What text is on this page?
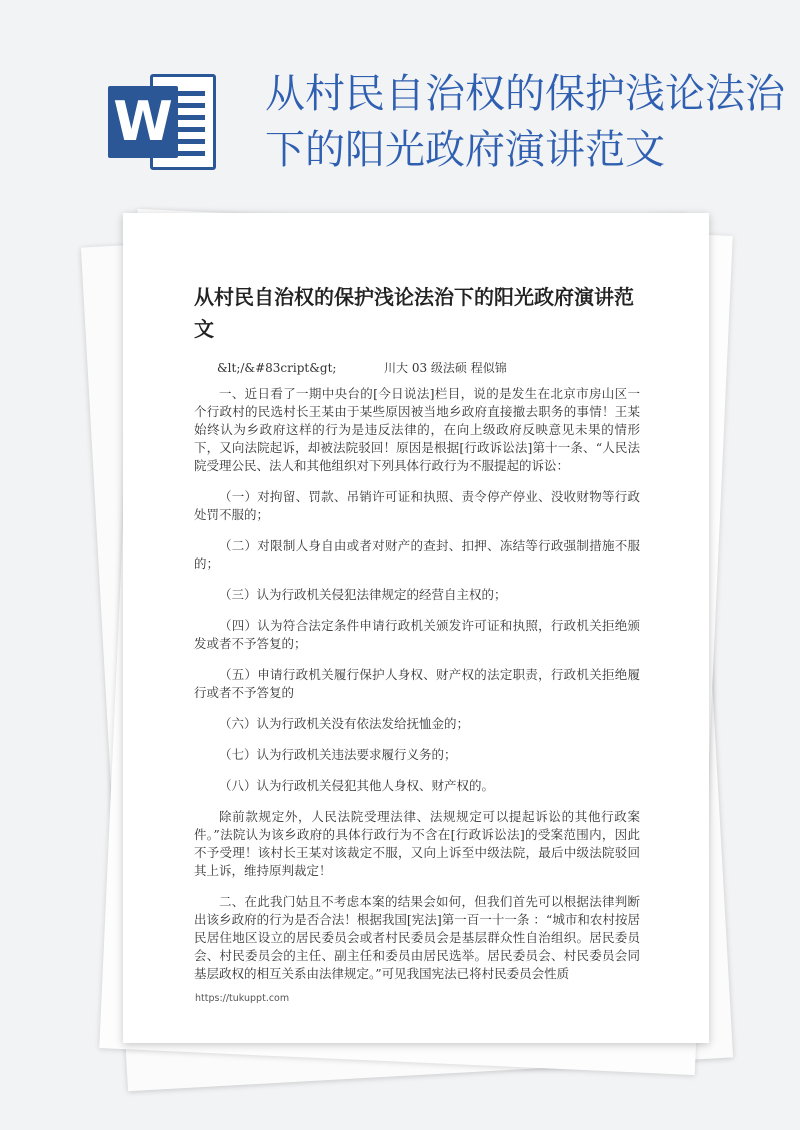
W 从村民自治权的保护浅论法治
下的阳光政府演讲范文
从村民自治权的保护浅论法治下的阳光政府演讲范文
&lt;/&#83cript&gt;	川大 03 级法硕 程似锦

一、近日看了一期中央台的[今日说法]栏目，说的是发生在北京市房山区一个行政村的民选村长王某由于某些原因被当地乡政府直接撤去职务的事情！王某始终认为乡政府这样的行为是违反法律的，在向上级政府反映意见未果的情形下，又向法院起诉，却被法院驳回！原因是根据[行政诉讼法]第十一条、“人民法院受理公民、法人和其他组织对下列具体行政行为不服提起的诉讼：

（一）对拘留、罚款、吊销许可证和执照、责令停产停业、没收财物等行政处罚不服的；

（二）对限制人身自由或者对财产的查封、扣押、冻结等行政强制措施不服的；

（三）认为行政机关侵犯法律规定的经营自主权的；

（四）认为符合法定条件申请行政机关颁发许可证和执照，行政机关拒绝颁发或者不予答复的；

（五）申请行政机关履行保护人身权、财产权的法定职责，行政机关拒绝履行或者不予答复的

（六）认为行政机关没有依法发给抚恤金的；

（七）认为行政机关违法要求履行义务的；

（八）认为行政机关侵犯其他人身权、财产权的。

除前款规定外，人民法院受理法律、法规规定可以提起诉讼的其他行政案件。”法院认为该乡政府的具体行政行为不含在[行政诉讼法]的受案范围内，因此不予受理！该村长王某对该裁定不服，又向上诉至中级法院，最后中级法院驳回其上诉，维持原判裁定！

二、在此我门姑且不考虑本案的结果会如何，但我们首先可以根据法律判断出该乡政府的行为是否合法！根据我国[宪法]第一百一十一条 ：“城市和农村按居民居住地区设立的居民委员会或者村民委员会是基层群众性自治组织。居民委员会、村民委员会的主任、副主任和委员由居民选举。居民委员会、村民委员会同基层政权的相互关系由法律规定。”可见我国宪法已将村民委员会性质

https://tukuppt.com
